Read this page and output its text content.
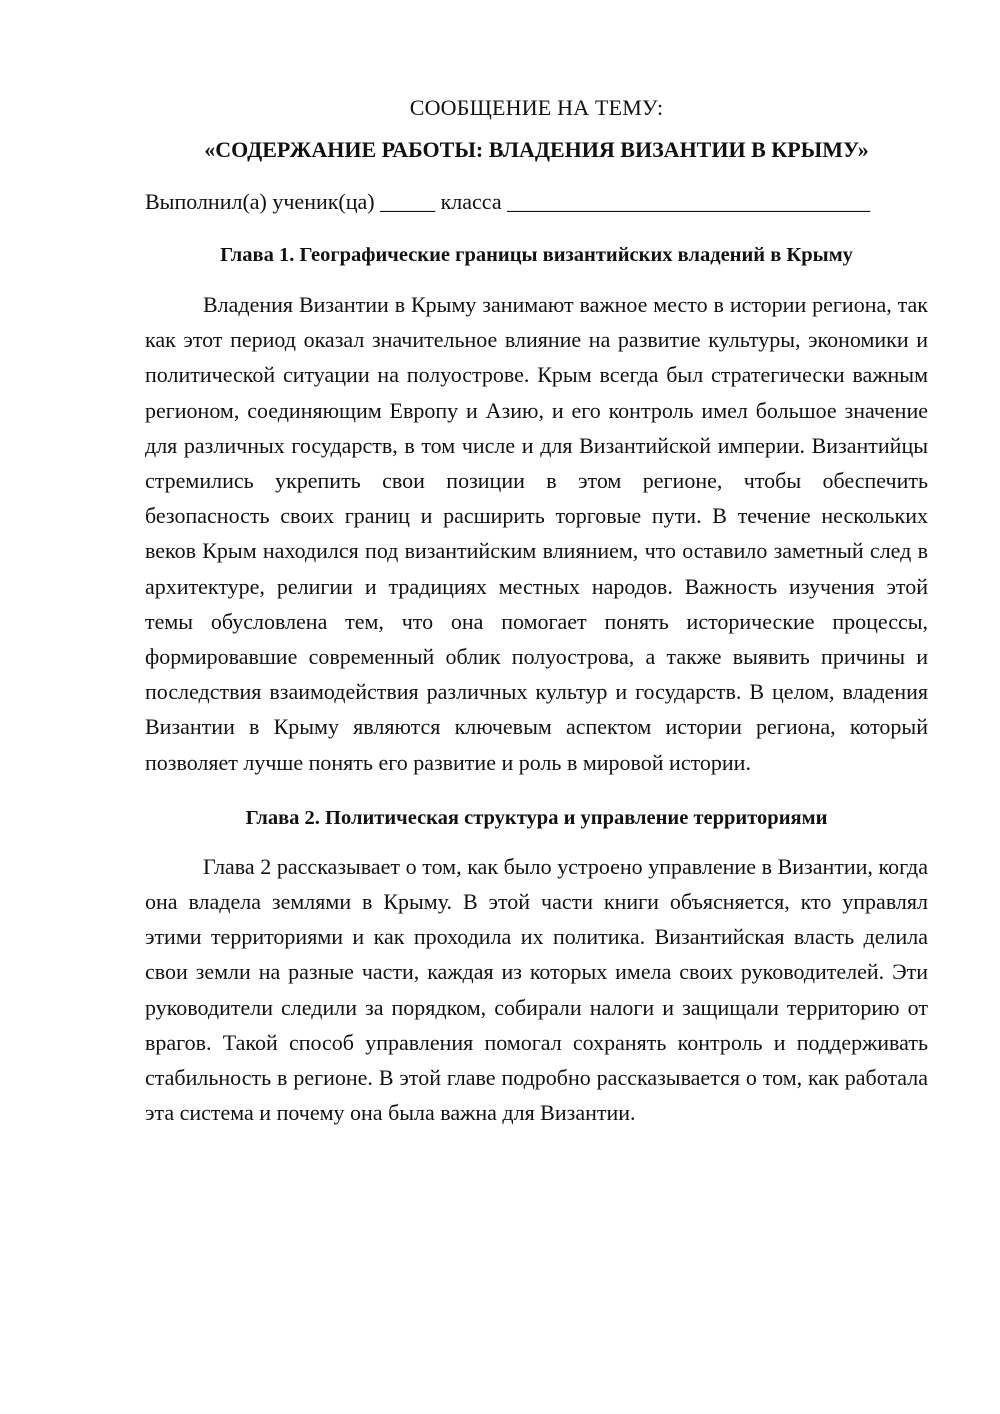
СООБЩЕНИЕ НА ТЕМУ:

«СОДЕРЖАНИЕ РАБОТЫ: ВЛАДЕНИЯ ВИЗАНТИИ В КРЫМУ»

Выполнил(а) ученик(ца) _____ класса _________________________________
Глава 1. Географические границы византийских владений в Крыму

Владения Византии в Крыму занимают важное место в истории региона, так как этот период оказал значительное влияние на развитие культуры, экономики и политической ситуации на полуострове. Крым всегда был стратегически важным регионом, соединяющим Европу и Азию, и его контроль имел большое значение для различных государств, в том числе и для Византийской империи. Византийцы стремились укрепить свои позиции в этом регионе, чтобы обеспечить безопасность своих границ и расширить торговые пути. В течение нескольких веков Крым находился под византийским влиянием, что оставило заметный след в архитектуре, религии и традициях местных народов. Важность изучения этой темы обусловлена тем, что она помогает понять исторические процессы, формировавшие современный облик полуострова, а также выявить причины и последствия взаимодействия различных культур и государств. В целом, владения Византии в Крыму являются ключевым аспектом истории региона, который позволяет лучше понять его развитие и роль в мировой истории.

Глава 2. Политическая структура и управление территориями

Глава 2 рассказывает о том, как было устроено управление в Византии, когда она владела землями в Крыму. В этой части книги объясняется, кто управлял этими территориями и как проходила их политика. Византийская власть делила свои земли на разные части, каждая из которых имела своих руководителей. Эти руководители следили за порядком, собирали налоги и защищали территорию от врагов. Такой способ управления помогал сохранять контроль и поддерживать стабильность в регионе. В этой главе подробно рассказывается о том, как работала эта система и почему она была важна для Византии.
